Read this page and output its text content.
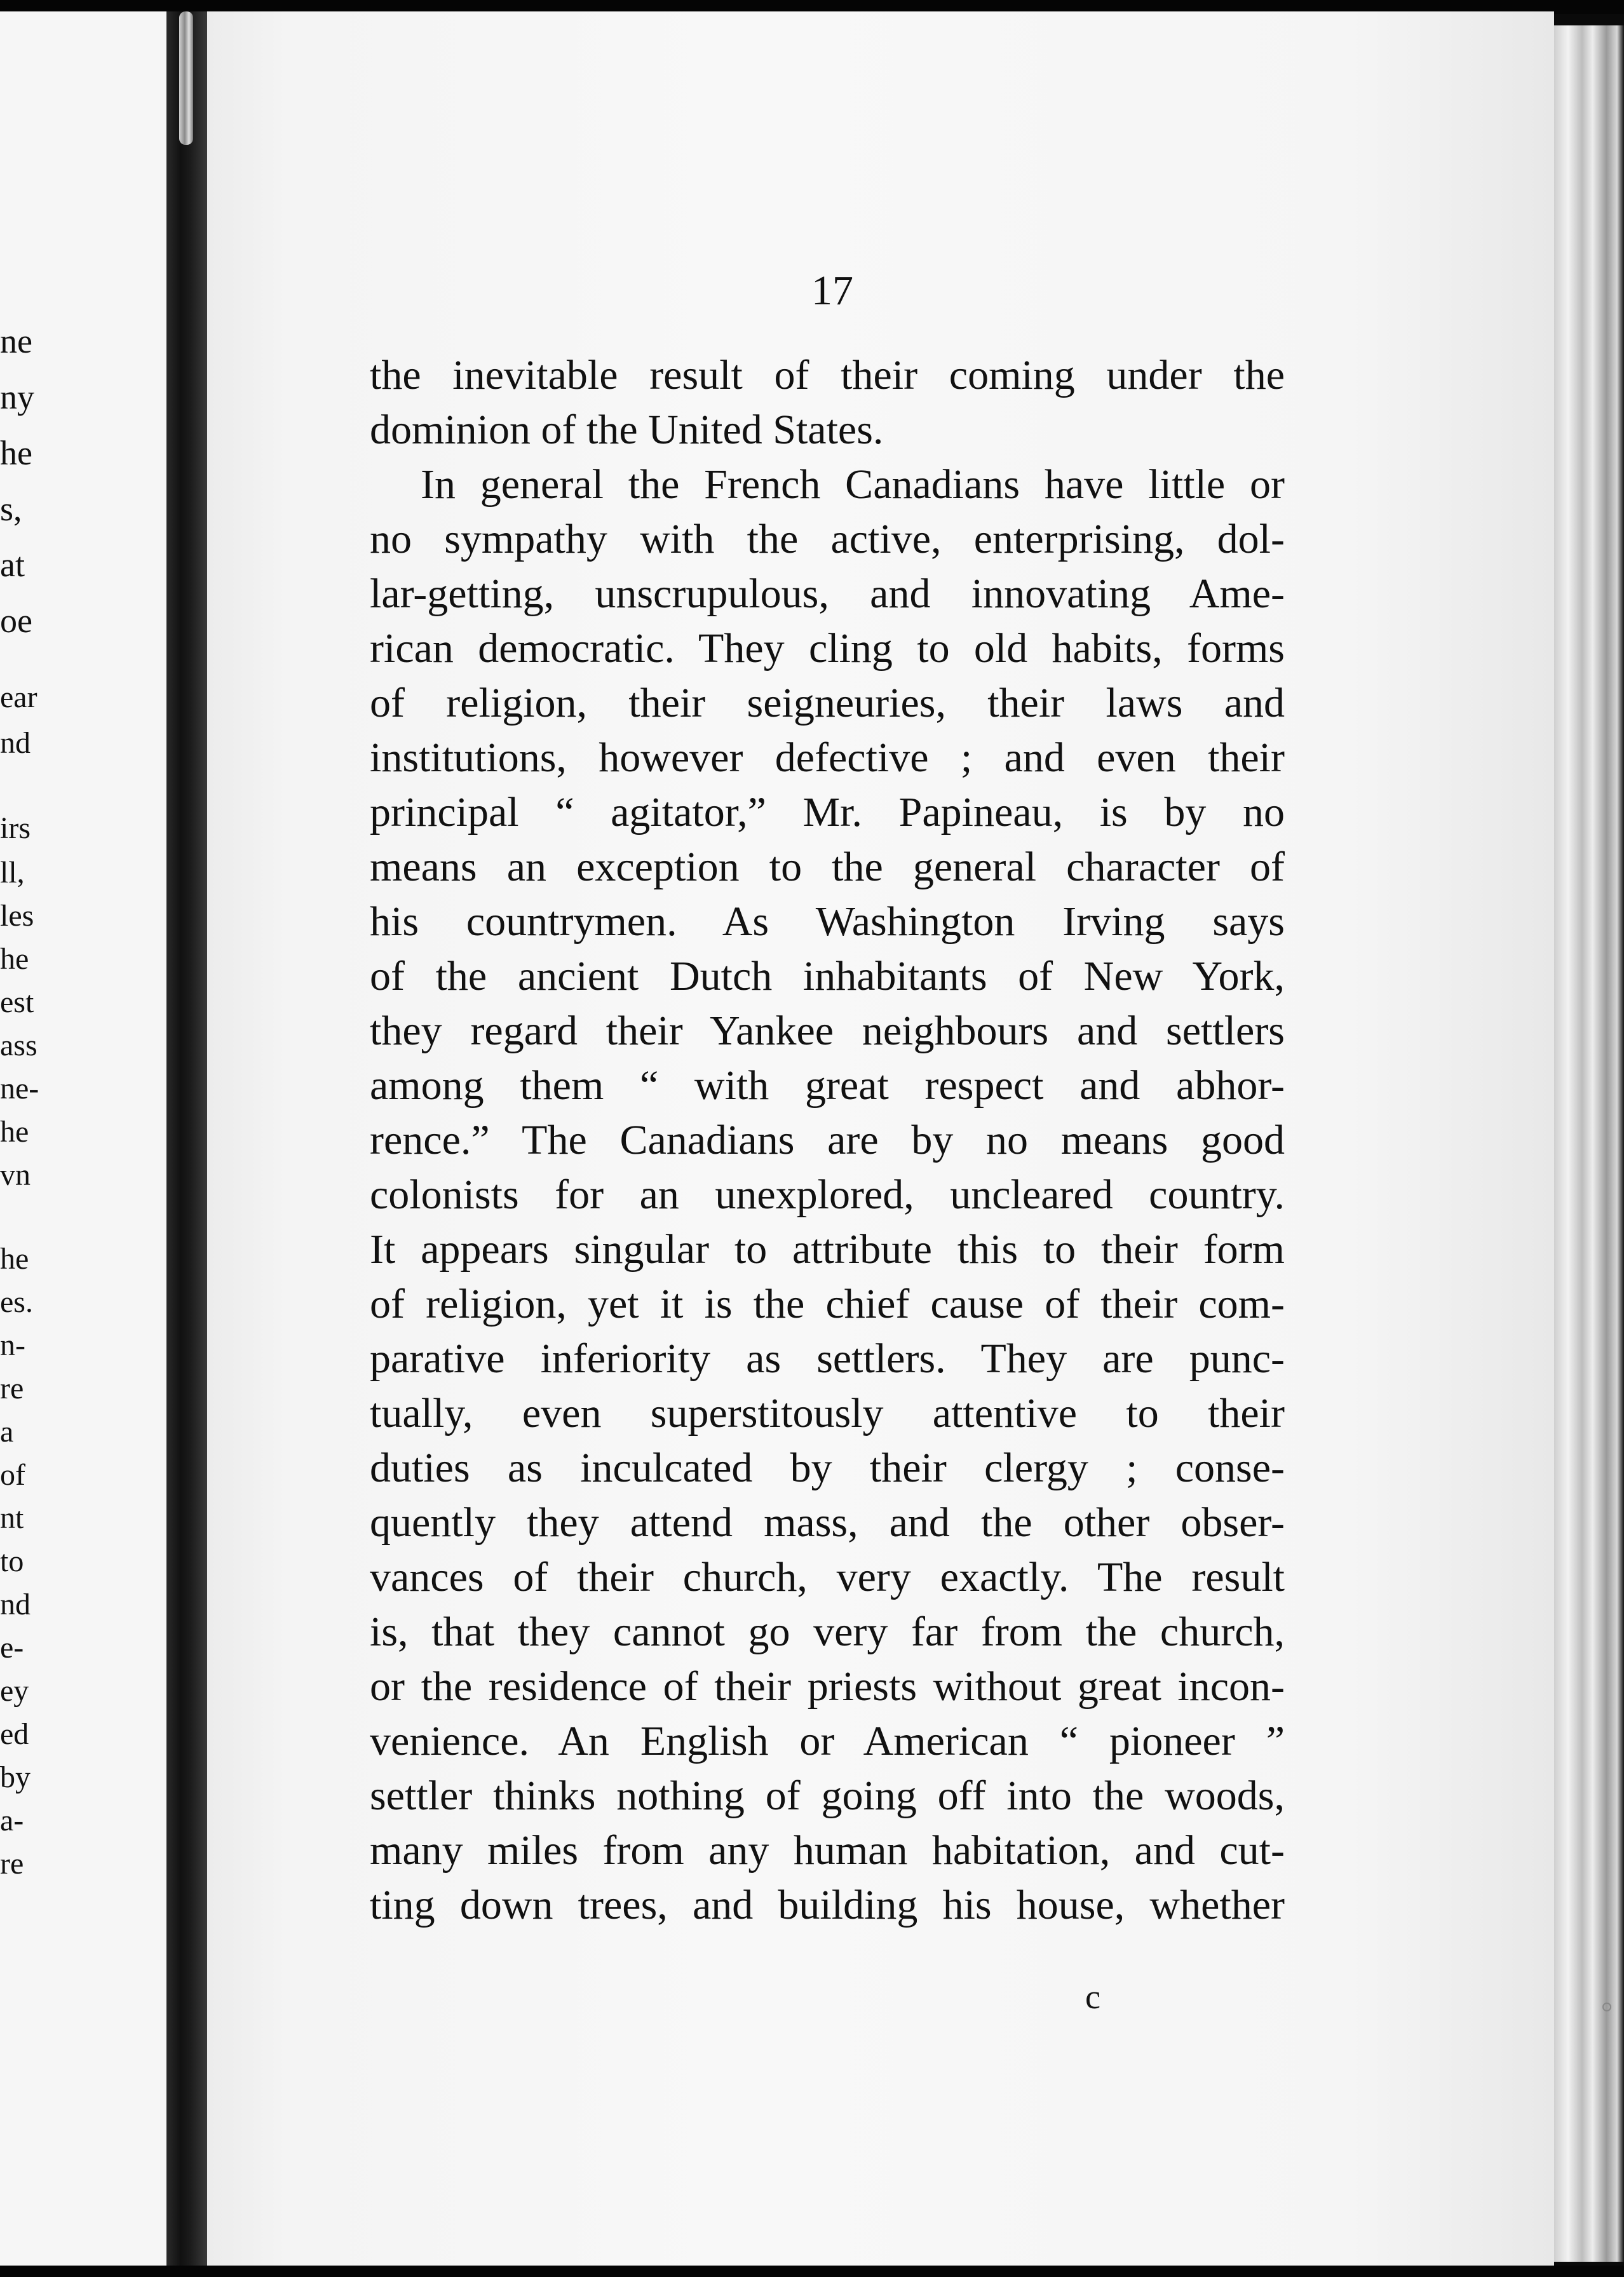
ne
ny
he
s,
at
oe
ear
nd
irs
ll,
les
he
est
ass
ne-
he
vn
he
es.
n-
re
a
of
nt
to
nd
e-
ey
ed
by
a-
re
17
the inevitable result of their coming under the
dominion of the United States.
In general the French Canadians have little or
no sympathy with the active, enterprising, dol-
lar-getting, unscrupulous, and innovating Ame-
rican democratic. They cling to old habits, forms
of religion, their seigneuries, their laws and
institutions, however defective ; and even their
principal “ agitator,” Mr. Papineau, is by no
means an exception to the general character of
his countrymen. As Washington Irving says
of the ancient Dutch inhabitants of New York,
they regard their Yankee neighbours and settlers
among them “ with great respect and abhor-
rence.” The Canadians are by no means good
colonists for an unexplored, uncleared country.
It appears singular to attribute this to their form
of religion, yet it is the chief cause of their com-
parative inferiority as settlers. They are punc-
tually, even superstitously attentive to their
duties as inculcated by their clergy ; conse-
quently they attend mass, and the other obser-
vances of their church, very exactly. The result
is, that they cannot go very far from the church,
or the residence of their priests without great incon-
venience. An English or American “ pioneer ”
settler thinks nothing of going off into the woods,
many miles from any human habitation, and cut-
ting down trees, and building his house, whether
c
